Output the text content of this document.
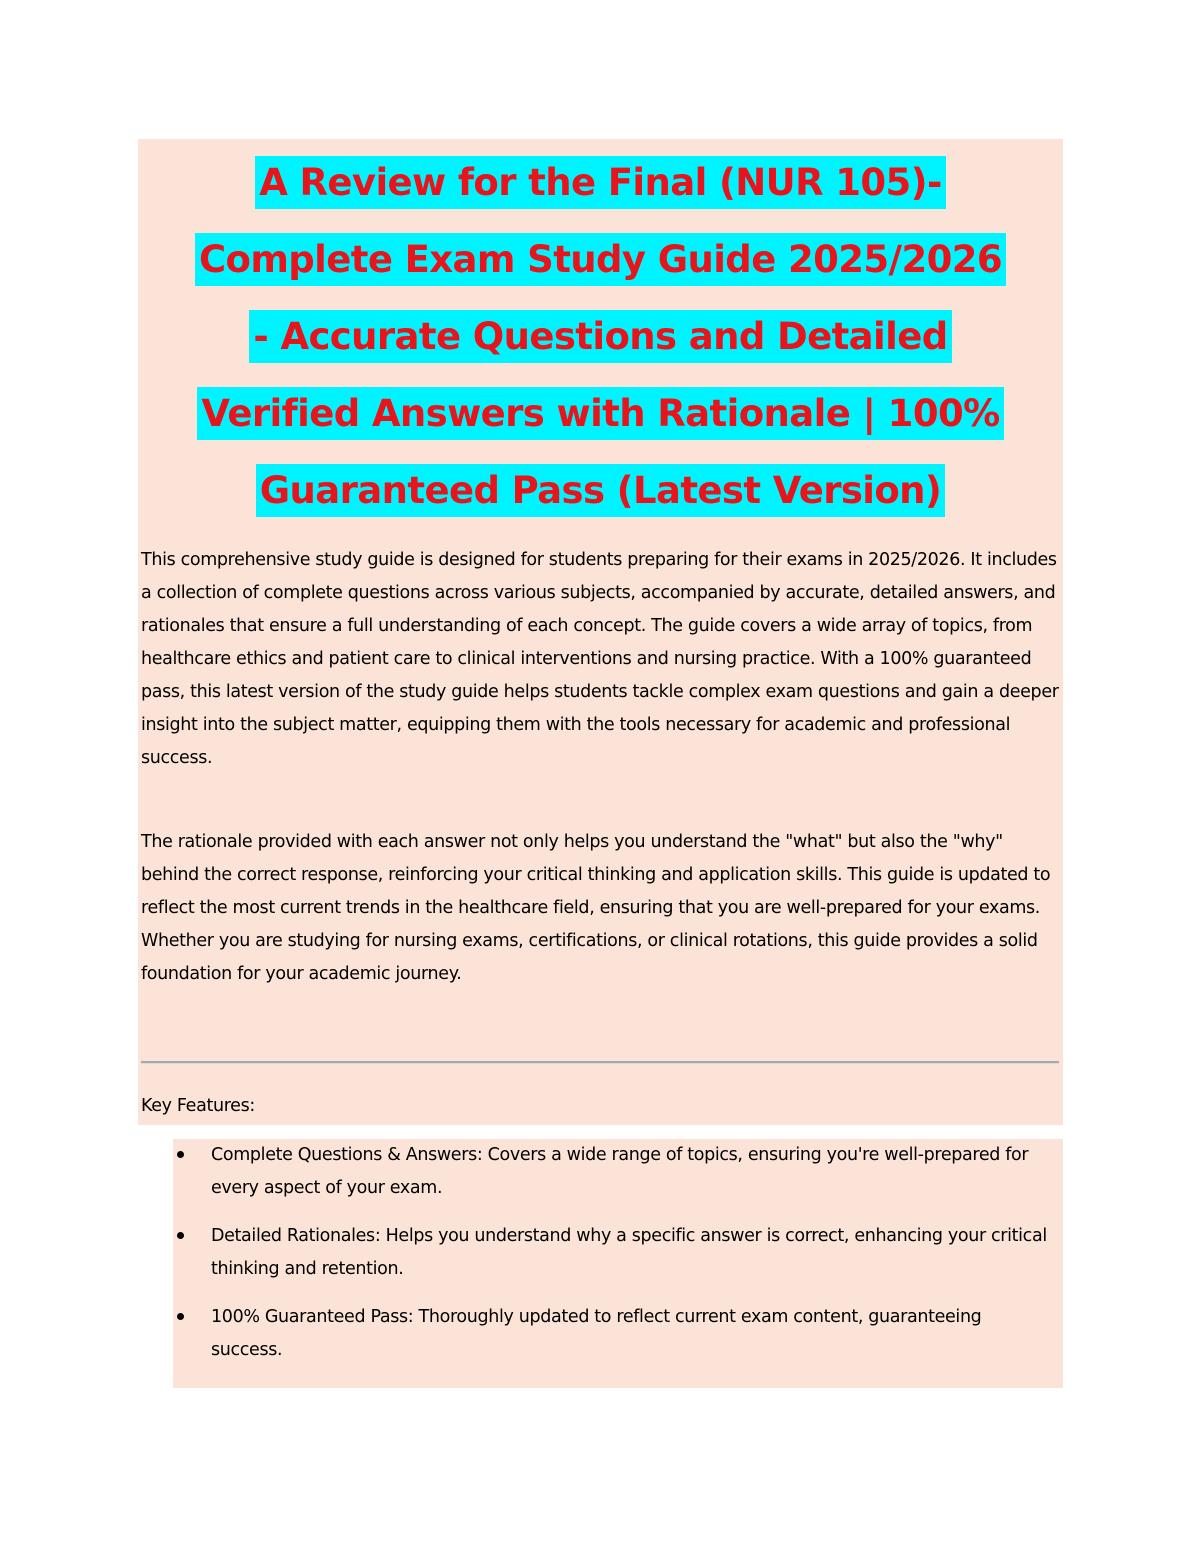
A Review for the Final (NUR 105)-
Complete Exam Study Guide 2025/2026
- Accurate Questions and Detailed
Verified Answers with Rationale | 100%
Guaranteed Pass (Latest Version)

This comprehensive study guide is designed for students preparing for their exams in 2025/2026. It includes a collection of complete questions across various subjects, accompanied by accurate, detailed answers, and rationales that ensure a full understanding of each concept. The guide covers a wide array of topics, from healthcare ethics and patient care to clinical interventions and nursing practice. With a 100% guaranteed pass, this latest version of the study guide helps students tackle complex exam questions and gain a deeper insight into the subject matter, equipping them with the tools necessary for academic and professional success.

The rationale provided with each answer not only helps you understand the "what" but also the "why" behind the correct response, reinforcing your critical thinking and application skills. This guide is updated to reflect the most current trends in the healthcare field, ensuring that you are well-prepared for your exams. Whether you are studying for nursing exams, certifications, or clinical rotations, this guide provides a solid foundation for your academic journey.

Key Features:

Complete Questions & Answers: Covers a wide range of topics, ensuring you're well-prepared for every aspect of your exam.
Detailed Rationales: Helps you understand why a specific answer is correct, enhancing your critical thinking and retention.
100% Guaranteed Pass: Thoroughly updated to reflect current exam content, guaranteeing success.
